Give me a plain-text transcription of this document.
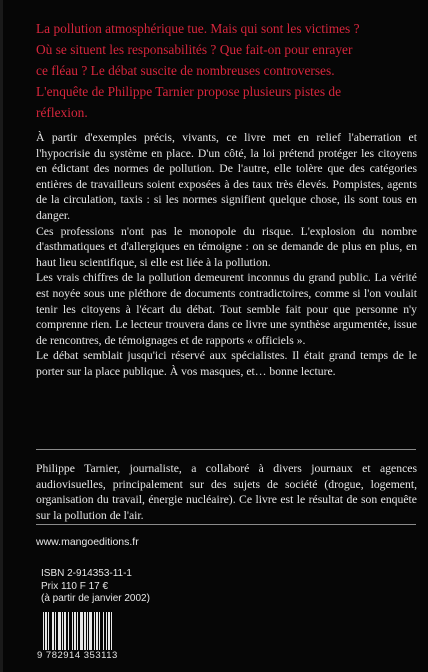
La pollution atmosphérique tue. Mais qui sont les victimes ?
Où se situent les responsabilités ? Que fait-on pour enrayer
ce fléau ? Le débat suscite de nombreuses controverses.
L'enquête de Philippe Tarnier propose plusieurs pistes de
réflexion.

À partir d'exemples précis, vivants, ce livre met en relief l'aberration et l'hypocrisie du système en place. D'un côté, la loi prétend protéger les citoyens en édictant des normes de pollution. De l'autre, elle tolère que des catégories entières de travailleurs soient exposées à des taux très élevés. Pompistes, agents de la circulation, taxis : si les normes signifient quelque chose, ils sont tous en danger.

Ces professions n'ont pas le monopole du risque. L'explosion du nombre d'asthmatiques et d'allergiques en témoigne : on se demande de plus en plus, en haut lieu scientifique, si elle est liée à la pollution.

Les vrais chiffres de la pollution demeurent inconnus du grand public. La vérité est noyée sous une pléthore de documents contradictoires, comme si l'on voulait tenir les citoyens à l'écart du débat. Tout semble fait pour que personne n'y comprenne rien. Le lecteur trouvera dans ce livre une synthèse argumentée, issue de rencontres, de témoignages et de rapports « officiels ».

Le débat semblait jusqu'ici réservé aux spécialistes. Il était grand temps de le porter sur la place publique. À vos masques, et… bonne lecture.

Philippe Tarnier, journaliste, a collaboré à divers journaux et agences audiovisuelles, principalement sur des sujets de société (drogue, logement, organisation du travail, énergie nucléaire). Ce livre est le résultat de son enquête sur la pollution de l'air.
www.mangoeditions.fr
ISBN 2-914353-11-1
Prix 110 F 17 €
(à partir de janvier 2002)
9 782914 353113
